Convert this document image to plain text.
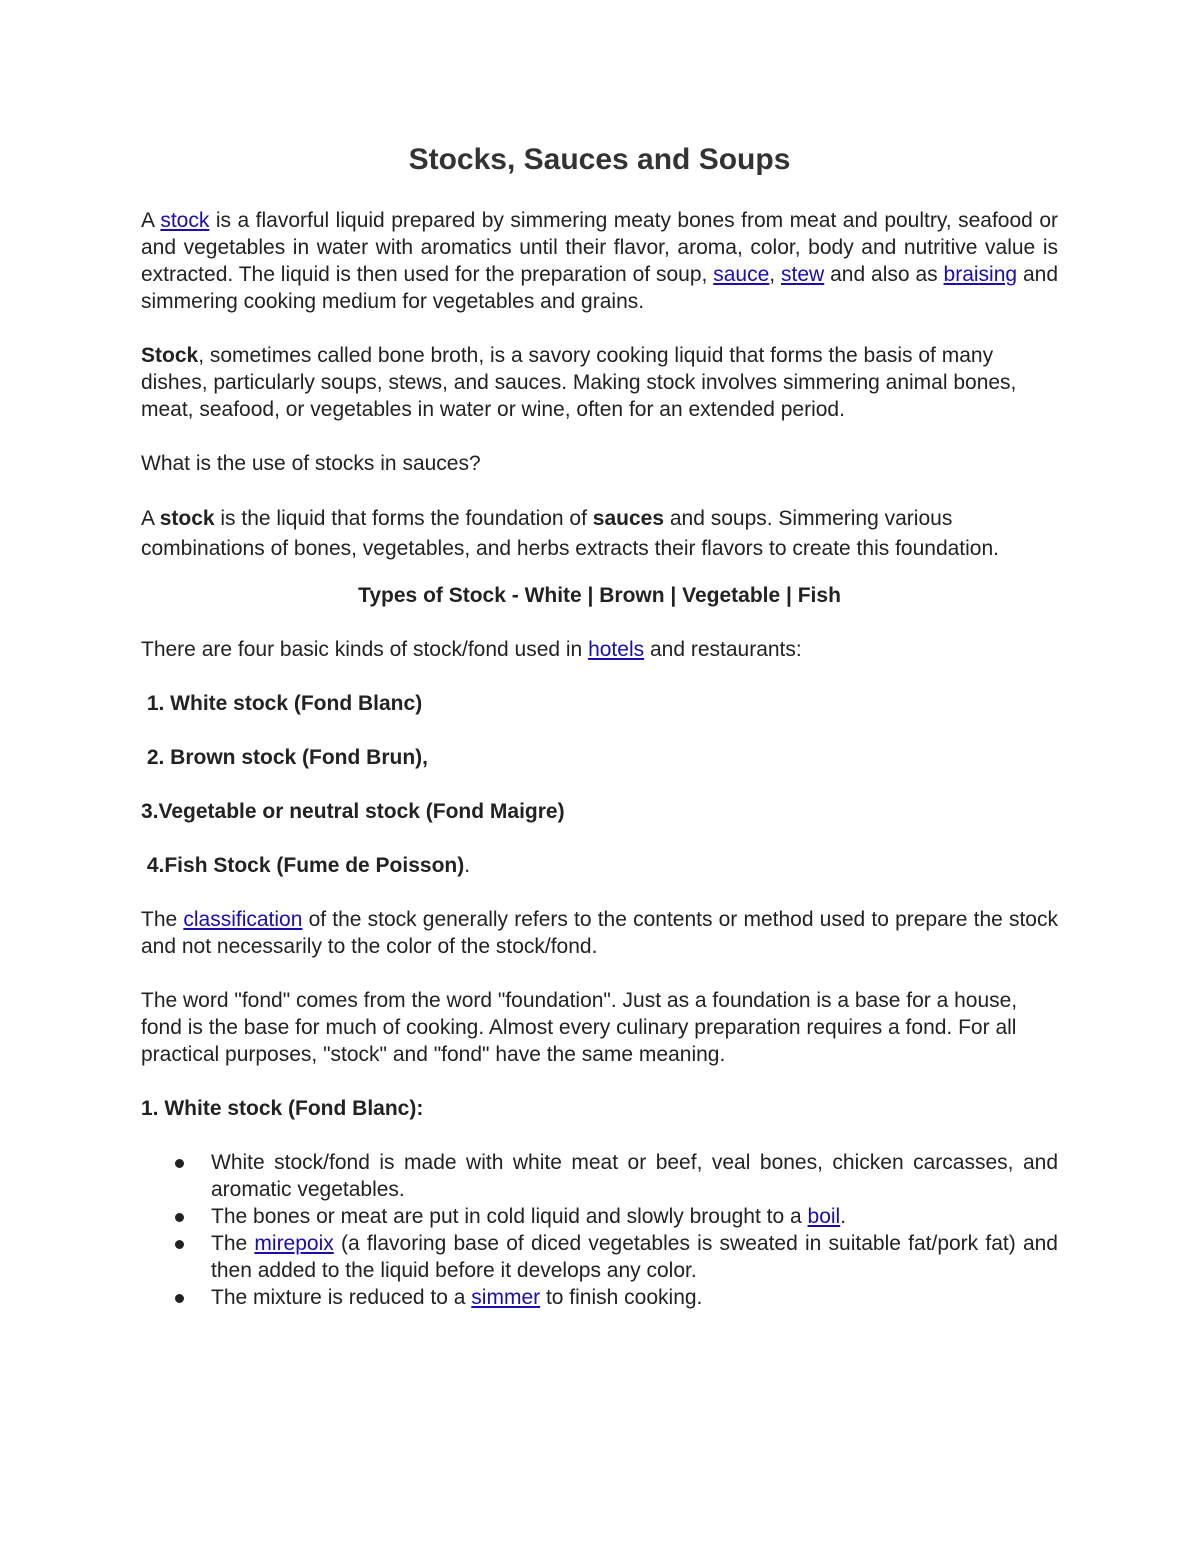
Stocks, Sauces and Soups

A stock is a flavorful liquid prepared by simmering meaty bones from meat and poultry, seafood or and vegetables in water with aromatics until their flavor, aroma, color, body and nutritive value is extracted. The liquid is then used for the preparation of soup, sauce, stew and also as braising and simmering cooking medium for vegetables and grains.

Stock, sometimes called bone broth, is a savory cooking liquid that forms the basis of many dishes, particularly soups, stews, and sauces. Making stock involves simmering animal bones, meat, seafood, or vegetables in water or wine, often for an extended period.

What is the use of stocks in sauces?

A stock is the liquid that forms the foundation of sauces and soups. Simmering various combinations of bones, vegetables, and herbs extracts their flavors to create this foundation.

Types of Stock - White | Brown | Vegetable | Fish

There are four basic kinds of stock/fond used in hotels and restaurants:

1. White stock (Fond Blanc)

2. Brown stock (Fond Brun),

3.Vegetable or neutral stock (Fond Maigre)

4.Fish Stock (Fume de Poisson).

The classification of the stock generally refers to the contents or method used to prepare the stock and not necessarily to the color of the stock/fond.

The word "fond" comes from the word "foundation". Just as a foundation is a base for a house, fond is the base for much of cooking. Almost every culinary preparation requires a fond. For all practical purposes, "stock" and "fond" have the same meaning.

1. White stock (Fond Blanc):

White stock/fond is made with white meat or beef, veal bones, chicken carcasses, and aromatic vegetables.
The bones or meat are put in cold liquid and slowly brought to a boil.
The mirepoix (a flavoring base of diced vegetables is sweated in suitable fat/pork fat) and then added to the liquid before it develops any color.
The mixture is reduced to a simmer to finish cooking.
